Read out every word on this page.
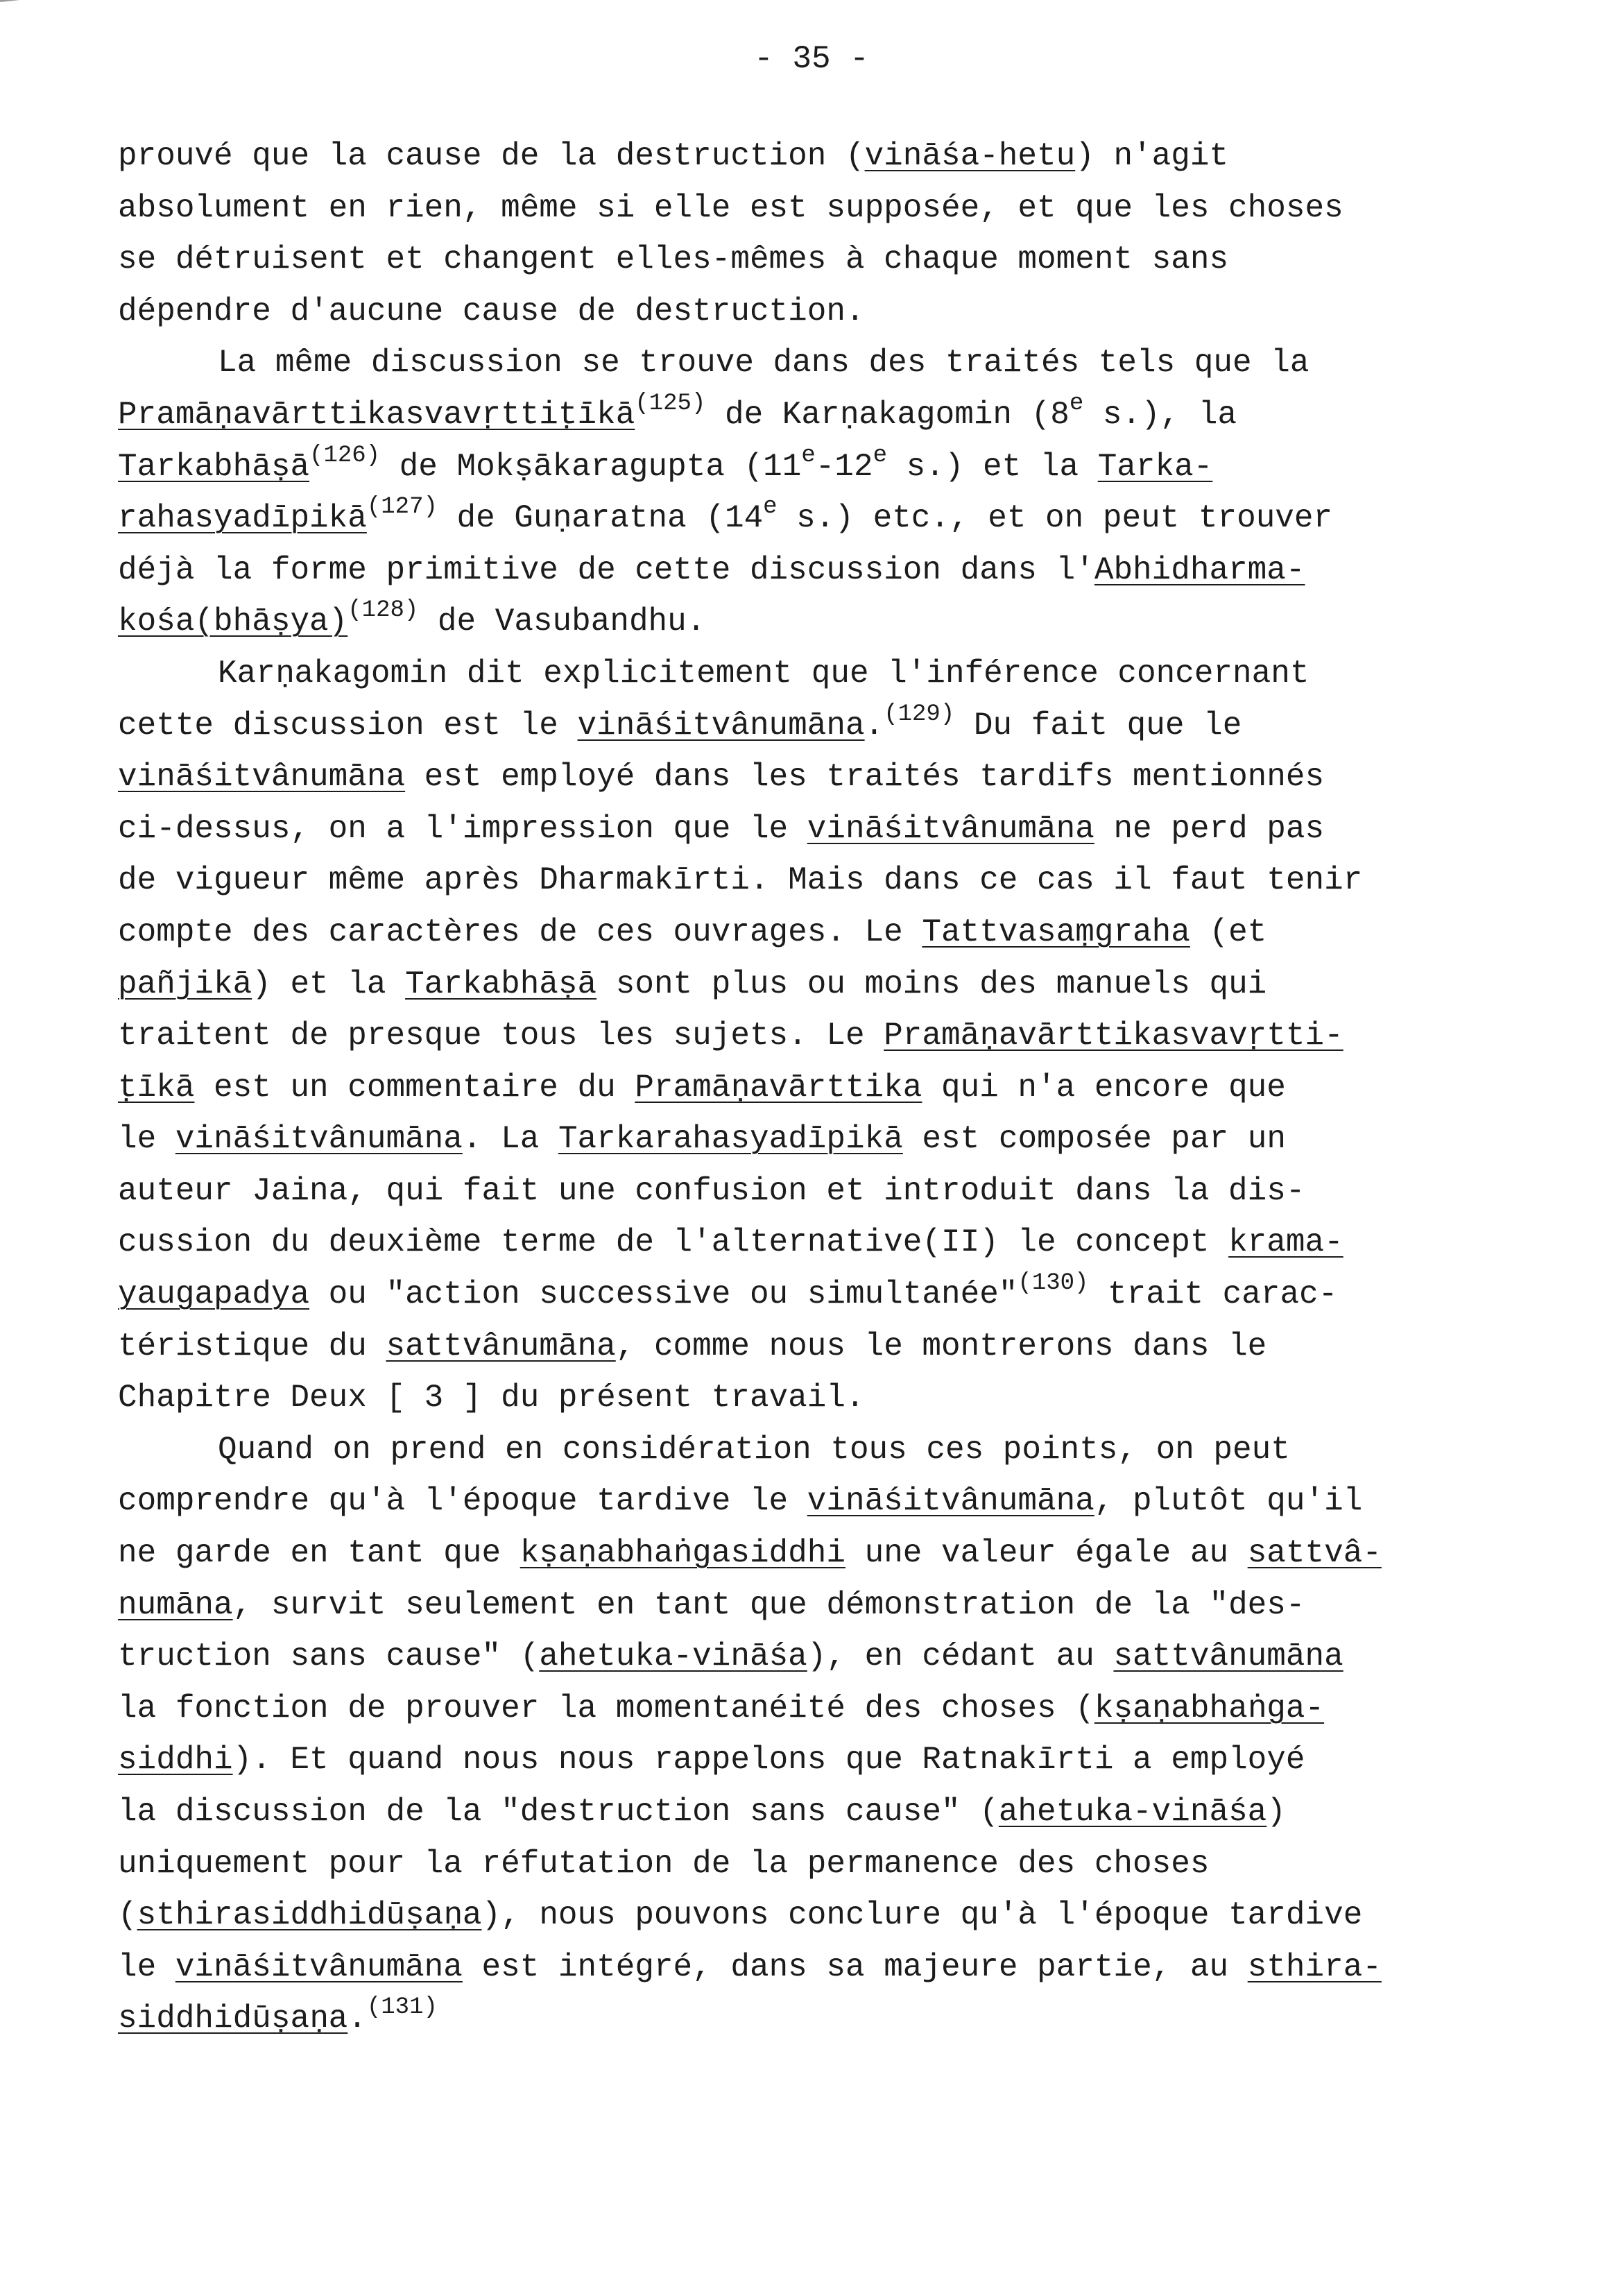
- 35 -
prouvé que la cause de la destruction (vināśa-hetu) n'agit
absolument en rien, même si elle est supposée, et que les choses
se détruisent et changent elles-mêmes à chaque moment sans
dépendre d'aucune cause de destruction.
La même discussion se trouve dans des traités tels que la
Pramāṇavārttikasvavṛttiṭīkā$^{(125)}$ de Karṇakagomin (8e s.), la
Tarkabhāṣā$^{(126)}$ de Mokṣākaragupta (11e-12e s.) et la Tarka-
rahasyadīpikā$^{(127)}$ de Guṇaratna (14e s.) etc., et on peut trouver
déjà la forme primitive de cette discussion dans l'Abhidharma-
kośa(bhāṣya)$^{(128)}$ de Vasubandhu.
Karṇakagomin dit explicitement que l'inférence concernant
cette discussion est le vināśitvânumāna.$^{(129)}$ Du fait que le
vināśitvânumāna est employé dans les traités tardifs mentionnés
ci-dessus, on a l'impression que le vināśitvânumāna ne perd pas
de vigueur même après Dharmakīrti. Mais dans ce cas il faut tenir
compte des caractères de ces ouvrages. Le Tattvasaṃgraha (et
pañjikā) et la Tarkabhāṣā sont plus ou moins des manuels qui
traitent de presque tous les sujets. Le Pramāṇavārttikasvavṛtti-
ṭīkā est un commentaire du Pramāṇavārttika qui n'a encore que
le vināśitvânumāna. La Tarkarahasyadīpikā est composée par un
auteur Jaina, qui fait une confusion et introduit dans la dis-
cussion du deuxième terme de l'alternative(II) le concept krama-
yaugapadya ou "action successive ou simultanée"$^{(130)}$ trait carac-
téristique du sattvânumāna, comme nous le montrerons dans le
Chapitre Deux [ 3 ] du présent travail.
Quand on prend en considération tous ces points, on peut
comprendre qu'à l'époque tardive le vināśitvânumāna, plutôt qu'il
ne garde en tant que kṣaṇabhaṅgasiddhi une valeur égale au sattvâ-
numāna, survit seulement en tant que démonstration de la "des-
truction sans cause" (ahetuka-vināśa), en cédant au sattvânumāna
la fonction de prouver la momentanéité des choses (kṣaṇabhaṅga-
siddhi). Et quand nous nous rappelons que Ratnakīrti a employé
la discussion de la "destruction sans cause" (ahetuka-vināśa)
uniquement pour la réfutation de la permanence des choses
(sthirasiddhidūṣaṇa), nous pouvons conclure qu'à l'époque tardive
le vināśitvânumāna est intégré, dans sa majeure partie, au sthira-
siddhidūṣaṇa.$^{(131)}$
